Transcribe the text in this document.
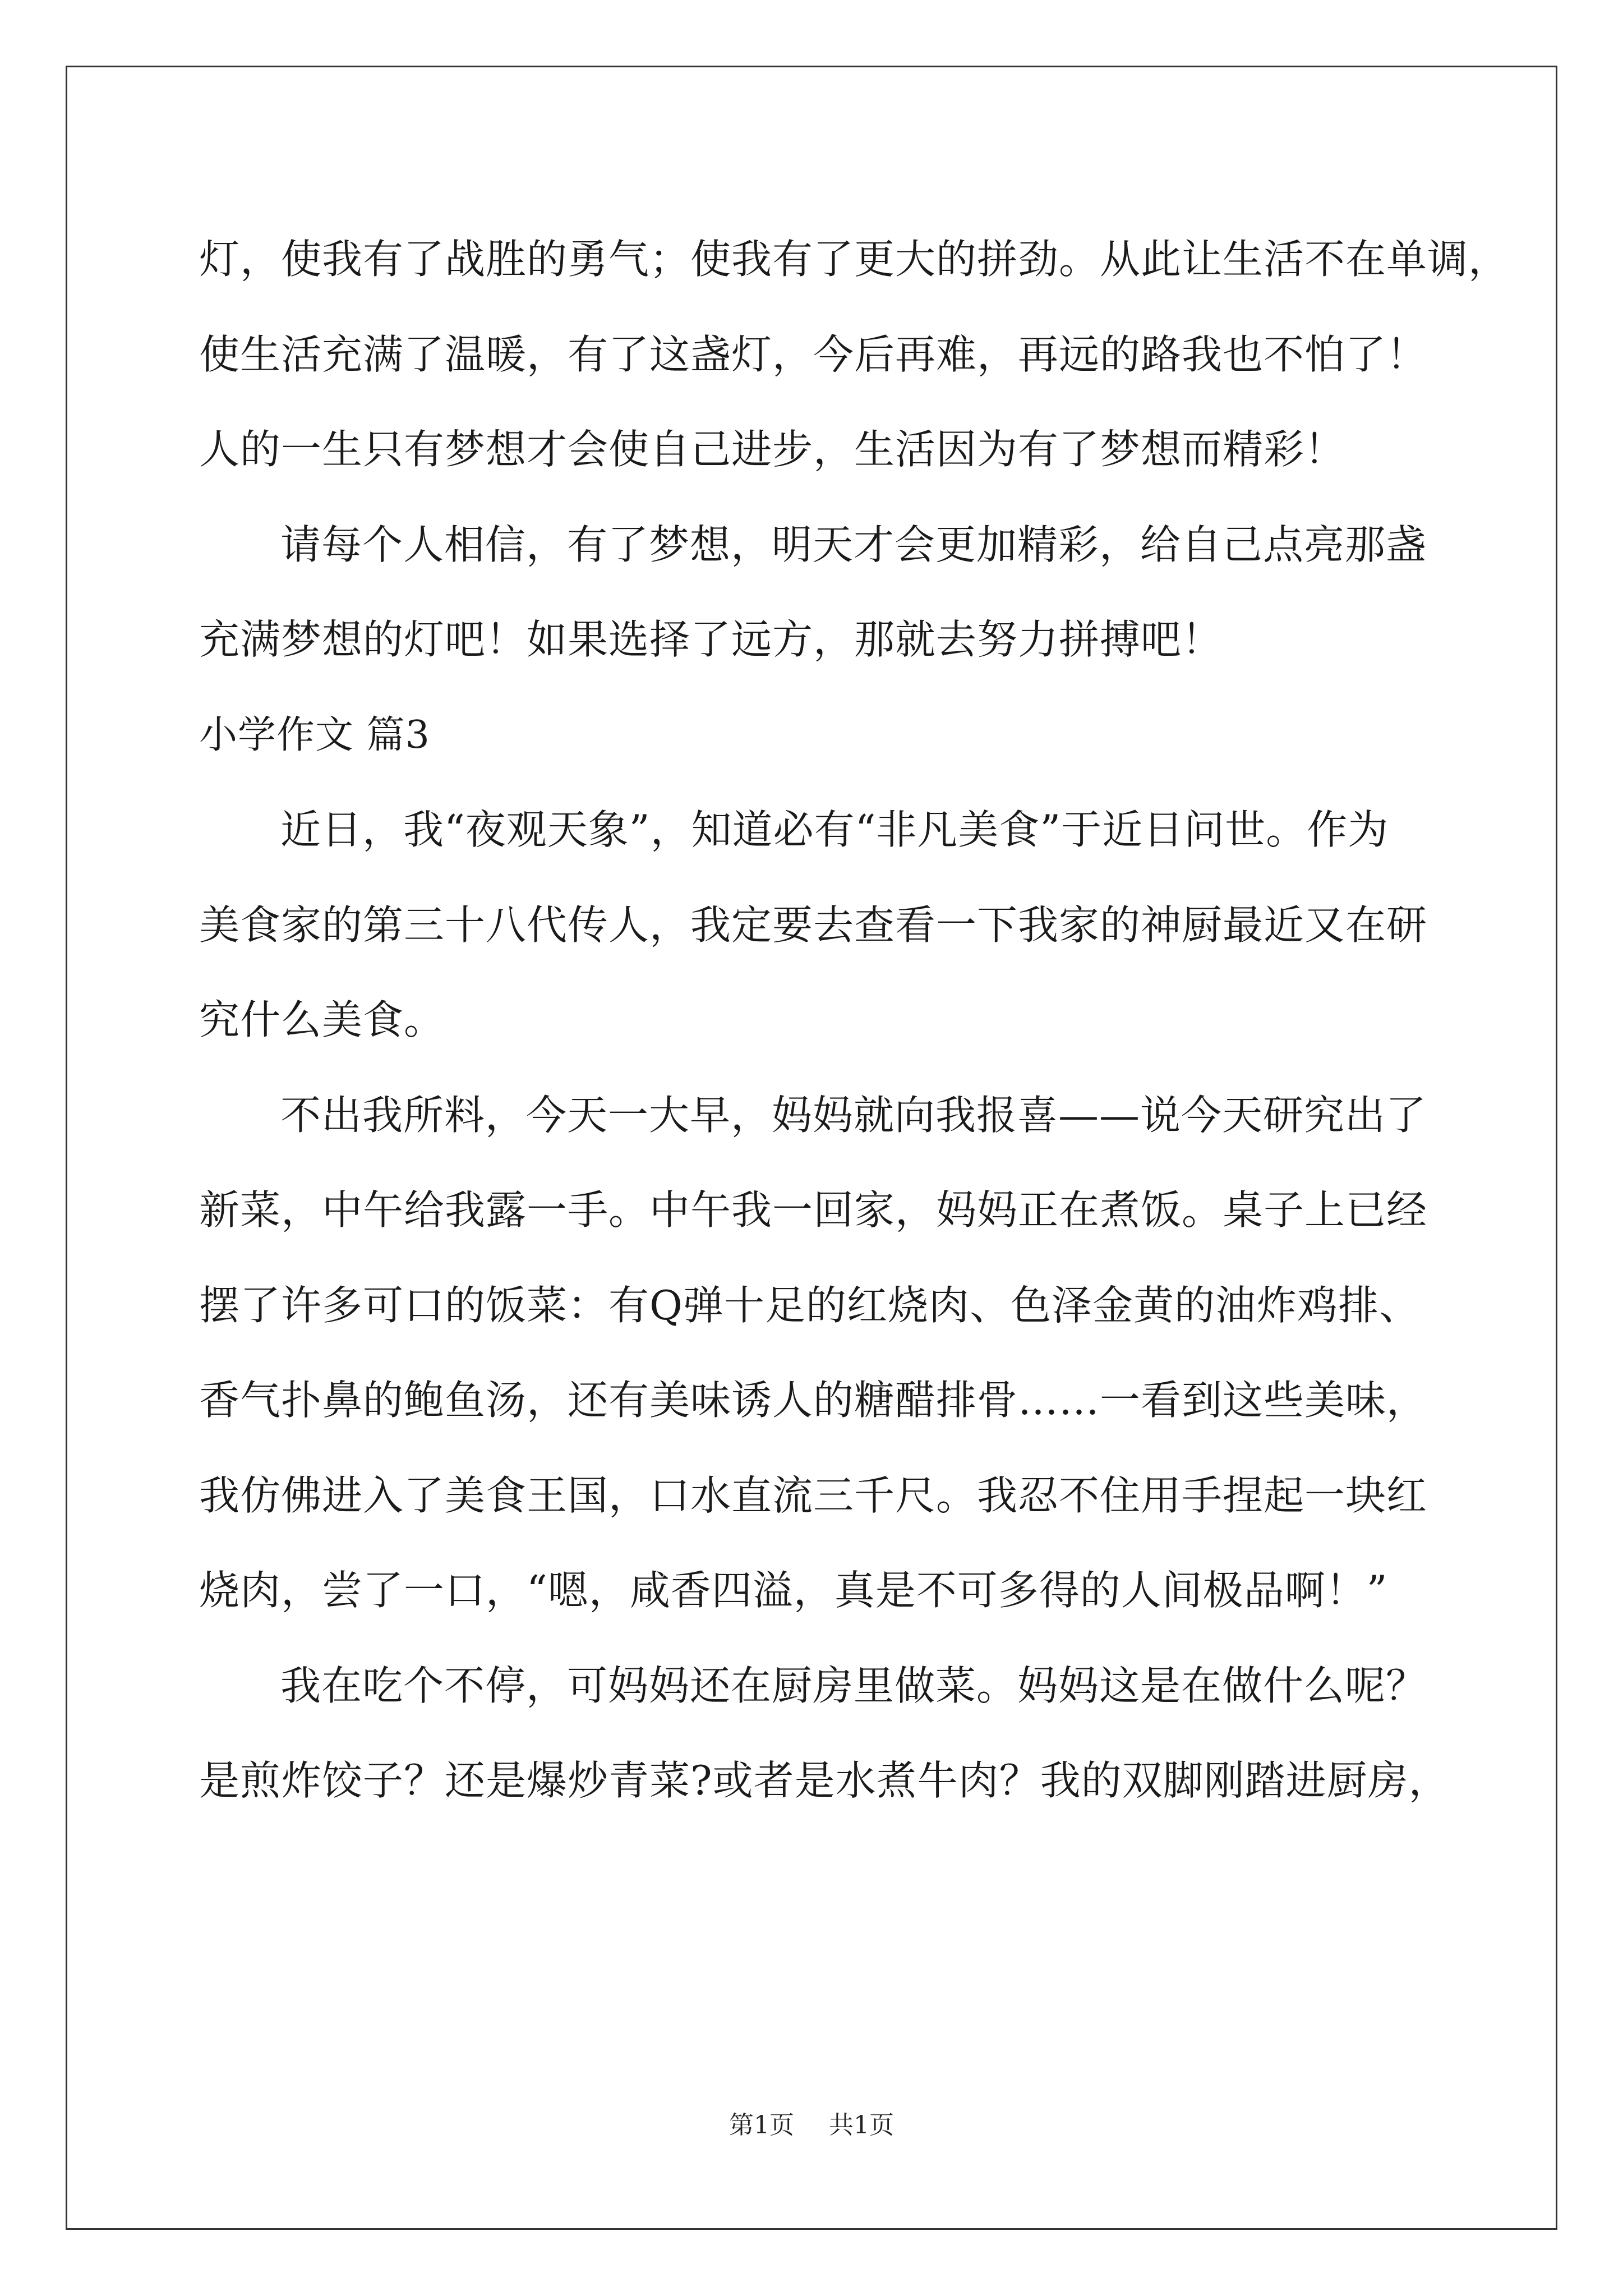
灯，使我有了战胜的勇气；使我有了更大的拼劲。从此让生活不在单调，
使生活充满了温暖，有了这盏灯，今后再难，再远的路我也不怕了！
人的一生只有梦想才会使自己进步，生活因为有了梦想而精彩！
请每个人相信，有了梦想，明天才会更加精彩，给自己点亮那盏
充满梦想的灯吧！如果选择了远方，那就去努力拼搏吧！
小学作文 篇3
近日，我“夜观天象”，知道必有“非凡美食”于近日问世。作为
美食家的第三十八代传人，我定要去查看一下我家的神厨最近又在研
究什么美食。
不出我所料，今天一大早，妈妈就向我报喜——说今天研究出了
新菜，中午给我露一手。中午我一回家，妈妈正在煮饭。桌子上已经
摆了许多可口的饭菜：有Q弹十足的红烧肉、色泽金黄的油炸鸡排、
香气扑鼻的鲍鱼汤，还有美味诱人的糖醋排骨……一看到这些美味，
我仿佛进入了美食王国，口水直流三千尺。我忍不住用手捏起一块红
烧肉，尝了一口，“嗯，咸香四溢，真是不可多得的人间极品啊！”
我在吃个不停，可妈妈还在厨房里做菜。妈妈这是在做什么呢？
是煎炸饺子？还是爆炒青菜?或者是水煮牛肉？我的双脚刚踏进厨房，
第1页 共1页
